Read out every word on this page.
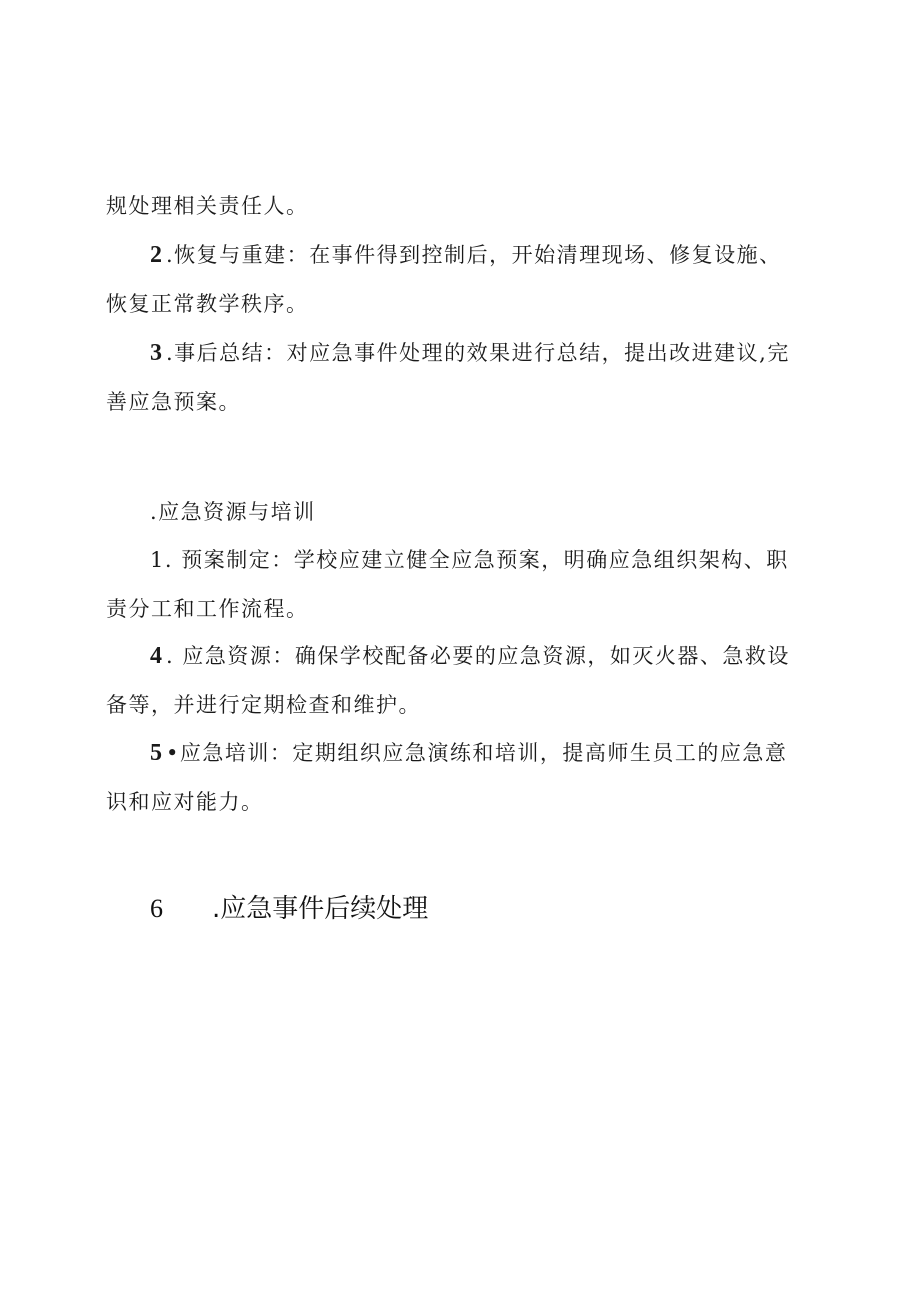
规处理相关责任人。
2 .恢复与重建：在事件得到控制后，开始清理现场、修复设施、
恢复正常教学秩序。
3 .事后总结：对应急事件处理的效果进行总结，提出改进建议,完
善应急预案。
.应急资源与培训
1. 预案制定：学校应建立健全应急预案，明确应急组织架构、职
责分工和工作流程。
4 . 应急资源：确保学校配备必要的应急资源，如灭火器、急救设
备等，并进行定期检查和维护。
5 •应急培训：定期组织应急演练和培训，提高师生员工的应急意
识和应对能力。
6 .应急事件后续处理
